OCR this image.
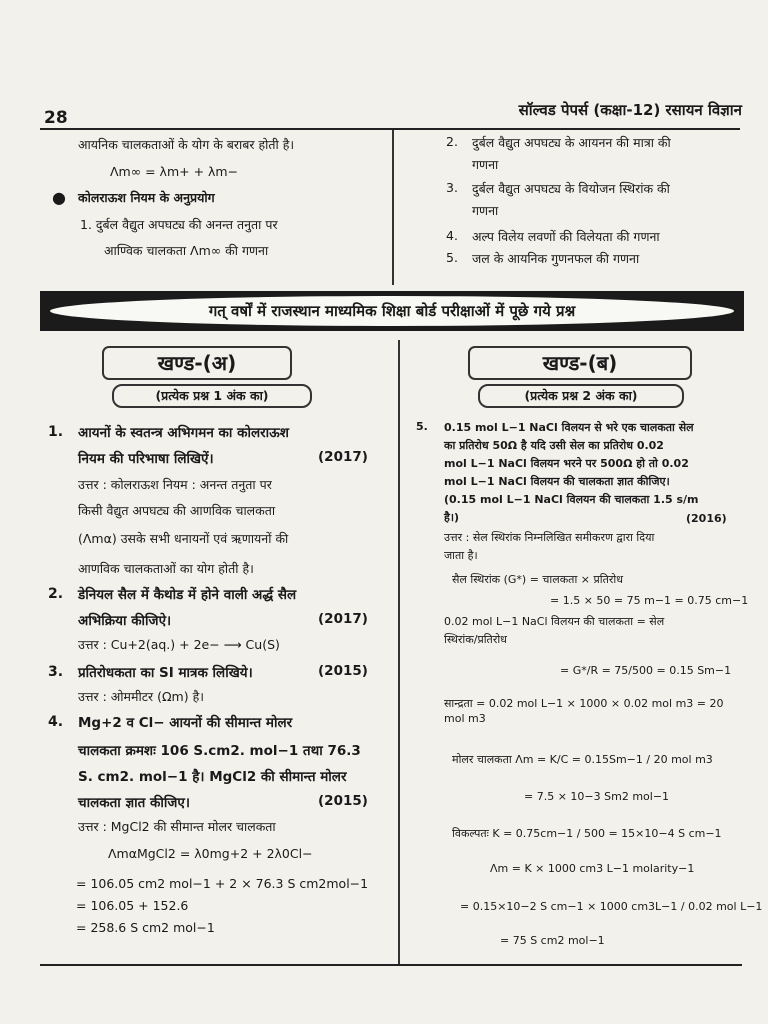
28	सॉल्वड पेपर्स (कक्षा-12) रसायन विज्ञान
आयनिक चालकताओं के योग के बराबर होती है।
Λm∞ = λm+ + λm−
● कोलराऊश नियम के अनुप्रयोग
1. दुर्बल वैद्युत अपघट्य की अनन्त तनुता पर
आण्विक चालकता Λm∞ की गणना
2. दुर्बल वैद्युत अपघट्य के आयनन की मात्रा की
गणना
3. दुर्बल वैद्युत अपघट्य के वियोजन स्थिरांक की
गणना
4. अल्प विलेय लवणों की विलेयता की गणना
5. जल के आयनिक गुणनफल की गणना
गत् वर्षों में राजस्थान माध्यमिक शिक्षा बोर्ड परीक्षाओं में पूछे गये प्रश्न
खण्ड-(अ)
(प्रत्येक प्रश्न 1 अंक का)
खण्ड-(ब)
(प्रत्येक प्रश्न 2 अंक का)
1. आयनों के स्वतन्त्र अभिगमन का कोलराऊश
नियम की परिभाषा लिखिऐं।	(2017)
उत्तर : कोलराऊश नियम : अनन्त तनुता पर
किसी वैद्युत अपघट्य की आणविक चालकता
(Λmα) उसके सभी धनायनों एवं ऋणायनों की
आणविक चालकताओं का योग होती है।
2. डेनियल सैल में कैथोड में होने वाली अर्द्ध सैल
अभिक्रिया कीजिऐ।	(2017)
उत्तर : Cu+2(aq.) + 2e− ⟶ Cu(S)
3. प्रतिरोधकता का SI मात्रक लिखिये।	(2015)
उत्तर : ओममीटर (Ωm) है।
4. Mg+2 व Cl− आयनों की सीमान्त मोलर
चालकता क्रमशः 106 S.cm2. mol−1 तथा 76.3
S. cm2. mol−1 है। MgCl2 की सीमान्त मोलर
चालकता ज्ञात कीजिए।	(2015)
उत्तर : MgCl2 की सीमान्त मोलर चालकता
ΛmαMgCl2 = λ0mg+2 + 2λ0Cl−
= 106.05 cm2 mol−1 + 2 × 76.3 S cm2mol−1
= 106.05 + 152.6
= 258.6 S cm2 mol−1
5. 0.15 mol L−1 NaCl विलयन से भरे एक चालकता सेल
का प्रतिरोध 50Ω है यदि उसी सेल का प्रतिरोध 0.02
mol L−1 NaCl विलयन भरने पर 500Ω हो तो 0.02
mol L−1 NaCl विलयन की चालकता ज्ञात कीजिए।
(0.15 mol L−1 NaCl विलयन की चालकता 1.5 s/m
है।)	(2016)
उत्तर : सेल स्थिरांक निम्नलिखित समीकरण द्वारा दिया
जाता है।
सैल स्थिरांक (G*) = चालकता × प्रतिरोध
= 1.5 × 50 = 75 m−1 = 0.75 cm−1
0.02 mol L−1 NaCl विलयन की चालकता = सेल
स्थिरांक/प्रतिरोध
= G*/R = 75/500 = 0.15 Sm−1
सान्द्रता = 0.02 mol L−1 × 1000 × 0.02 mol m3 = 20
mol m3
मोलर चालकता Λm = K/C = 0.15Sm−1 / 20 mol m3
= 7.5 × 10−3 Sm2 mol−1
विकल्पतः K = 0.75cm−1 / 500 = 15×10−4 S cm−1
Λm = K × 1000 cm3 L−1 molarity−1
= 0.15×10−2 S cm−1 × 1000 cm3L−1 / 0.02 mol L−1
= 75 S cm2 mol−1
